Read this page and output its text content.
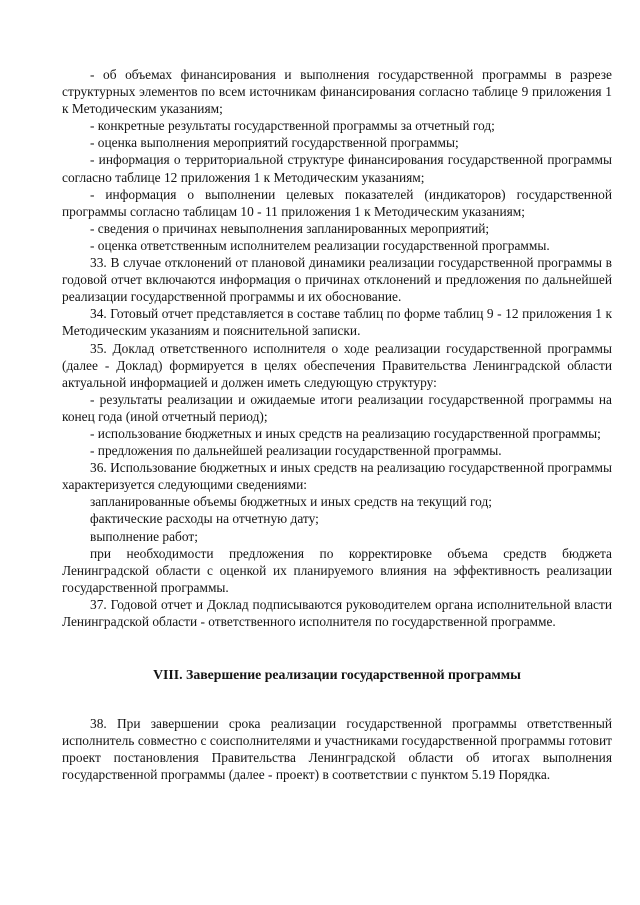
- об объемах финансирования и выполнения государственной программы в разрезе структурных элементов по всем источникам финансирования согласно таблице 9 приложения 1 к Методическим указаниям;

- конкретные результаты государственной программы за отчетный год;

- оценка выполнения мероприятий государственной программы;

- информация о территориальной структуре финансирования государственной программы согласно таблице 12 приложения 1 к Методическим указаниям;

- информация о выполнении целевых показателей (индикаторов) государственной программы согласно таблицам 10 - 11 приложения 1 к Методическим указаниям;

- сведения о причинах невыполнения запланированных мероприятий;

- оценка ответственным исполнителем реализации государственной программы.

33. В случае отклонений от плановой динамики реализации государственной программы в годовой отчет включаются информация о причинах отклонений и предложения по дальнейшей реализации государственной программы и их обоснование.

34. Готовый отчет представляется в составе таблиц по форме таблиц 9 - 12 приложения 1 к Методическим указаниям и пояснительной записки.

35. Доклад ответственного исполнителя о ходе реализации государственной программы (далее - Доклад) формируется в целях обеспечения Правительства Ленинградской области актуальной информацией и должен иметь следующую структуру:

- результаты реализации и ожидаемые итоги реализации государственной программы на конец года (иной отчетный период);

- использование бюджетных и иных средств на реализацию государственной программы;

- предложения по дальнейшей реализации государственной программы.

36. Использование бюджетных и иных средств на реализацию государственной программы характеризуется следующими сведениями:

запланированные объемы бюджетных и иных средств на текущий год;

фактические расходы на отчетную дату;

выполнение работ;

при необходимости предложения по корректировке объема средств бюджета Ленинградской области с оценкой их планируемого влияния на эффективность реализации государственной программы.

37. Годовой отчет и Доклад подписываются руководителем органа исполнительной власти Ленинградской области - ответственного исполнителя по государственной программе.

VIII. Завершение реализации государственной программы

38. При завершении срока реализации государственной программы ответственный исполнитель совместно с соисполнителями и участниками государственной программы готовит проект постановления Правительства Ленинградской области об итогах выполнения государственной программы (далее - проект) в соответствии с пунктом 5.19 Порядка.
